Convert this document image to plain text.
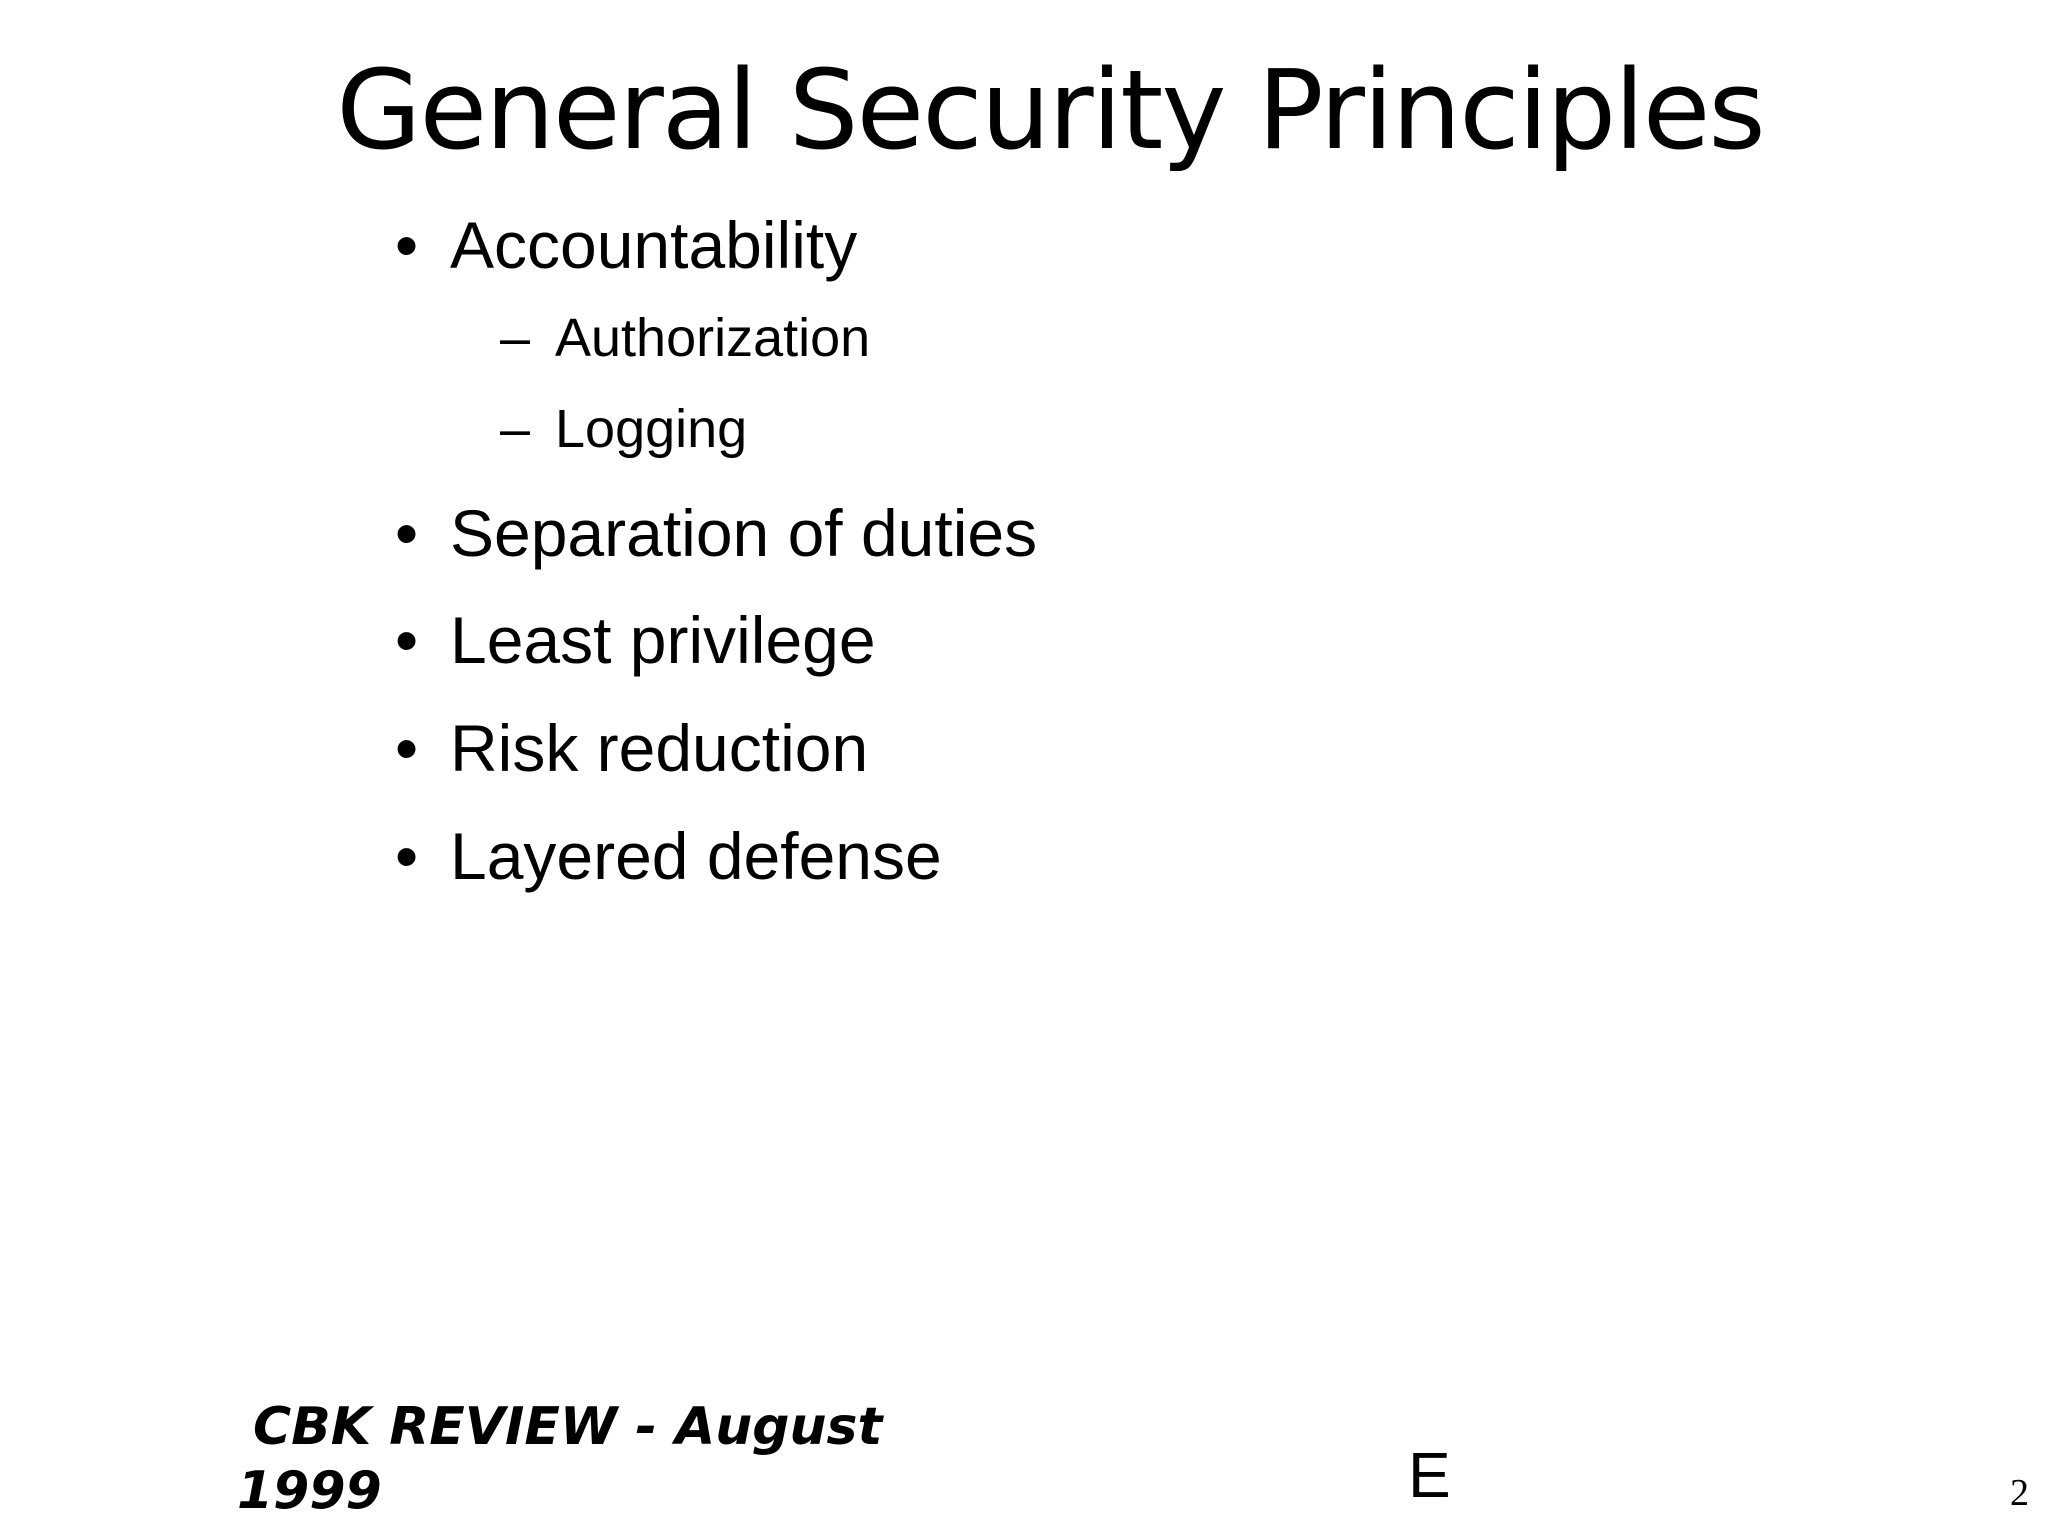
General Security Principles
• Accountability
– Authorization
– Logging
• Separation of duties
• Least privilege
• Risk reduction
• Layered defense
CBK REVIEW - August
1999	E	2
